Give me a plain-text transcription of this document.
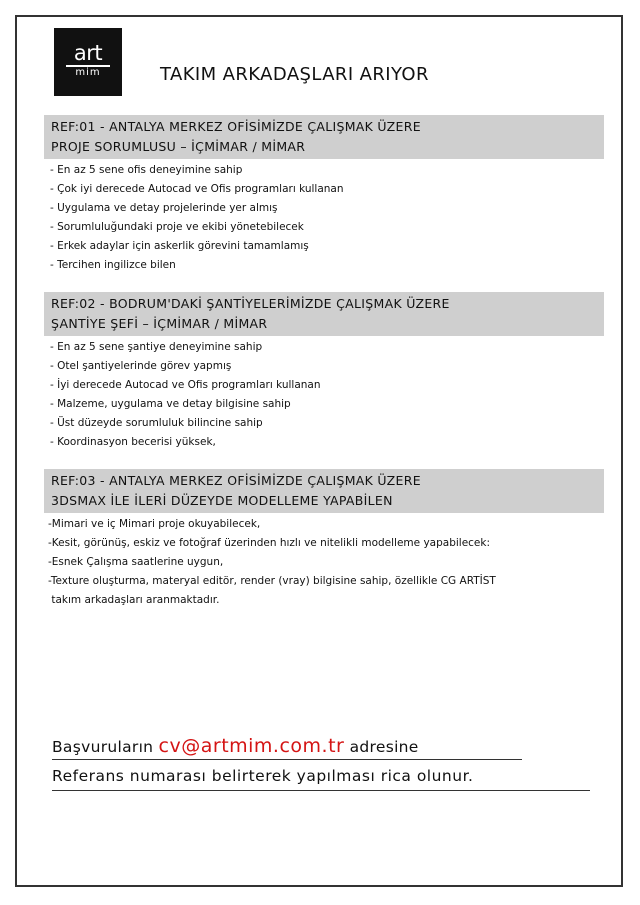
art
mim	TAKIM ARKADAŞLARI ARIYOR
REF:01 - ANTALYA MERKEZ OFİSİMİZDE ÇALIŞMAK ÜZERE
PROJE SORUMLUSU – İÇMİMAR / MİMAR
- En az 5 sene ofis deneyimine sahip
- Çok iyi derecede Autocad ve Ofis programları kullanan
- Uygulama ve detay projelerinde yer almış
- Sorumluluğundaki proje ve ekibi yönetebilecek
- Erkek adaylar için askerlik görevini tamamlamış
- Tercihen ingilizce bilen
REF:02 - BODRUM'DAKİ ŞANTİYELERİMİZDE ÇALIŞMAK ÜZERE
ŞANTİYE ŞEFİ – İÇMİMAR / MİMAR
- En az 5 sene şantiye deneyimine sahip
- Otel şantiyelerinde görev yapmış
- İyi derecede Autocad ve Ofis programları kullanan
- Malzeme, uygulama ve detay bilgisine sahip
- Üst düzeyde sorumluluk bilincine sahip
- Koordinasyon becerisi yüksek,
REF:03 - ANTALYA MERKEZ OFİSİMİZDE ÇALIŞMAK ÜZERE
3DSMAX İLE İLERİ DÜZEYDE MODELLEME YAPABİLEN
-Mimari ve iç Mimari proje okuyabilecek,
-Kesit, görünüş, eskiz ve fotoğraf üzerinden hızlı ve nitelikli modelleme yapabilecek:
-Esnek Çalışma saatlerine uygun,
-Texture oluşturma, materyal editör, render (vray) bilgisine sahip, özellikle CG ARTİST
takım arkadaşları aranmaktadır.
Başvuruların cv@artmim.com.tr adresine
Referans numarası belirterek yapılması rica olunur.
